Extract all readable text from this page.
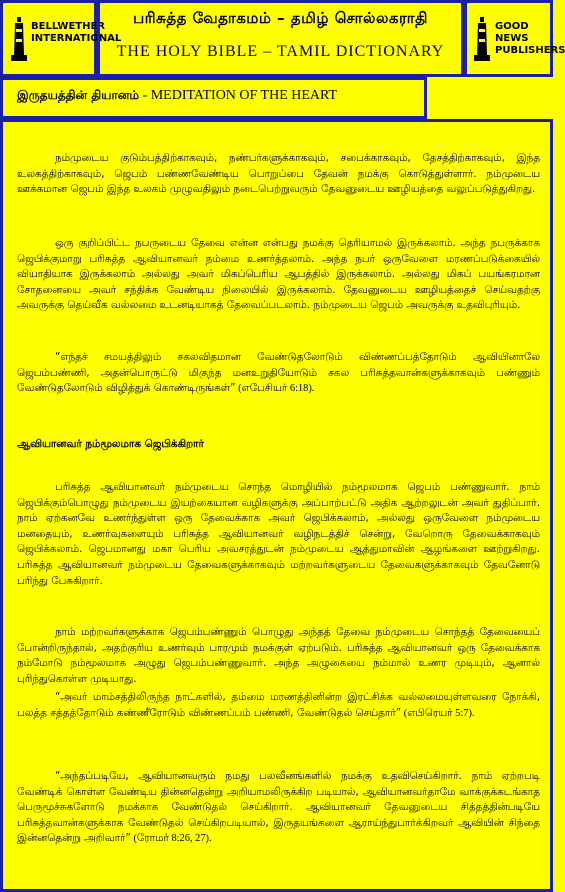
BELLWETHER INTERNATIONAL
பரிசுத்த வேதாகமம் – தமிழ் சொல்லகராதி
THE HOLY BIBLE – TAMIL DICTIONARY
GOOD NEWS PUBLISHERS
இருதயத்தின் தியானம் - MEDITATION OF THE HEART

நம்முடைய குடும்பத்திற்காகவும், நண்பர்களுக்காகவும், சபைக்காகவும், தேசத்திற்காகவும், இந்த உலகத்திற்காகவும், ஜெபம் பண்ணவேண்டிய பொறுப்பை தேவன் நமக்கு கொடுத்துள்ளார். நம்முடைய ஊக்கமான ஜெபம் இந்த உலகம் முழுவதிலும் நடைபெற்றுவரும் தேவனுடைய ஊழியத்தை வலுப்படுத்துகிறது.

ஒரு குறிப்பிட்ட நபருடைய தேவை என்ன என்பது நமக்கு தெரியாமல் இருக்கலாம். அந்த நபருக்காக ஜெபிக்குமாறு பரிசுத்த ஆவியானவர் நம்மை உணர்த்தலாம். அந்த நபர் ஒருவேளை மரணப்படுக்கையில் வியாதியாக இருக்கலாம் அல்லது அவர் மிகப்பெரிய ஆபத்தில் இருக்கலாம். அல்லது மிகப் பயங்கரமான சோதனையை அவர் சந்திக்க வேண்டிய நிலையில் இருக்கலாம். தேவனுடைய ஊழியத்தைச் செய்வதற்கு அவருக்கு தெய்வீக வல்லமை உடனடியாகத் தேவைப்படலாம். நம்முடைய ஜெபம் அவருக்கு உதவிபுரியும்.

“எந்தச் சமயத்திலும் சகலவிதமான வேண்டுதலோடும் விண்ணப்பத்தோடும் ஆவியினாலே ஜெபம்பண்ணி, அதன்பொருட்டு மிகுந்த மனஉறுதியோடும் சகல பரிசுத்தவான்களுக்காகவும் பண்ணும் வேண்டுதலோடும் விழித்துக் கொண்டிருங்கள்” (எபேசியர் 6:18).

ஆவியானவர் நம்மூலமாக ஜெபிக்கிறார்

பரிசுத்த ஆவியானவர் நம்முடைய சொந்த மொழியில் நம்மூலமாக ஜெபம் பண்ணுவார். நாம் ஜெபிக்கும்பொழுது நம்முடைய இயற்கையான வழிகளுக்கு அப்பாற்பட்டு அதிக ஆற்றலுடன் அவர் துதிப்பார். நாம் ஏற்கனவே உணர்ந்துள்ள ஒரு தேவைக்காக அவர் ஜெபிக்கலாம், அல்லது ஒருவேளை நம்முடைய மனதையும், உணர்வுகளையும் பரிசுத்த ஆவியானவர் வழிநடத்திச் சென்று, வேறொரு தேவைக்காகவும் ஜெபிக்கலாம். ஜெபமானது மகா பெரிய அவசரத்துடன் நம்முடைய ஆத்துமாவின் ஆழங்களை ஊற்றுகிறது. பரிசுத்த ஆவியானவர் நம்முடைய தேவைகளுக்காகவும் மற்றவர்களுடைய தேவைகளுக்காகவும் தேவனோடு பரிந்து பேசுகிறார்.

நாம் மற்றவர்களுக்காக ஜெபம்பண்ணும் பொழுது அந்தத் தேவை நம்முடைய சொந்தத் தேவையைப் போன்றிருந்தால், அதற்குரிய உணர்வும் பாரமும் நமக்குள் ஏற்படும். பரிசுத்த ஆவியானவர் ஒரு தேவைக்காக நம்மோடு நம்மூலமாக அழுது ஜெபம்பண்ணுவார். அந்த அழுகையை நம்மால் உணர முடியும், ஆனால் புரிந்துகொள்ள முடியாது.

“அவர் மாம்சத்திலிருந்த நாட்களில், தம்மை மரணத்தினின்ற இரட்சிக்க வல்லமையுள்ளவரை நோக்கி, பலத்த சத்தத்தோடும் கண்ணீரோடும் விண்ணப்பம் பண்ணி, வேண்டுதல் செய்தார்” (எபிரெயர் 5:7).

“அந்தப்படியே, ஆவியானவரும் நமது பலவீனங்களில் நமக்கு உதவிசெய்கிறார். நாம் ஏற்றபடி வேண்டிக் கொள்ள வேண்டிய தின்னதென்று அறியாமலிருக்கிற படியால், ஆவியானவர்தாமே வாக்குக்கடங்காத பெருமூச்சுகளோடு நமக்காக வேண்டுதல் செய்கிறார். ஆவியானவர் தேவனுடைய சித்தத்தின்படியே பரிசுத்தவான்களுக்காக வேண்டுதல் செய்கிறபடியால், இருதயங்களை ஆராய்ந்துபார்க்கிறவர் ஆவியின் சிந்தை இன்னதென்று அறிவார்” (ரோமர் 8:26, 27).
